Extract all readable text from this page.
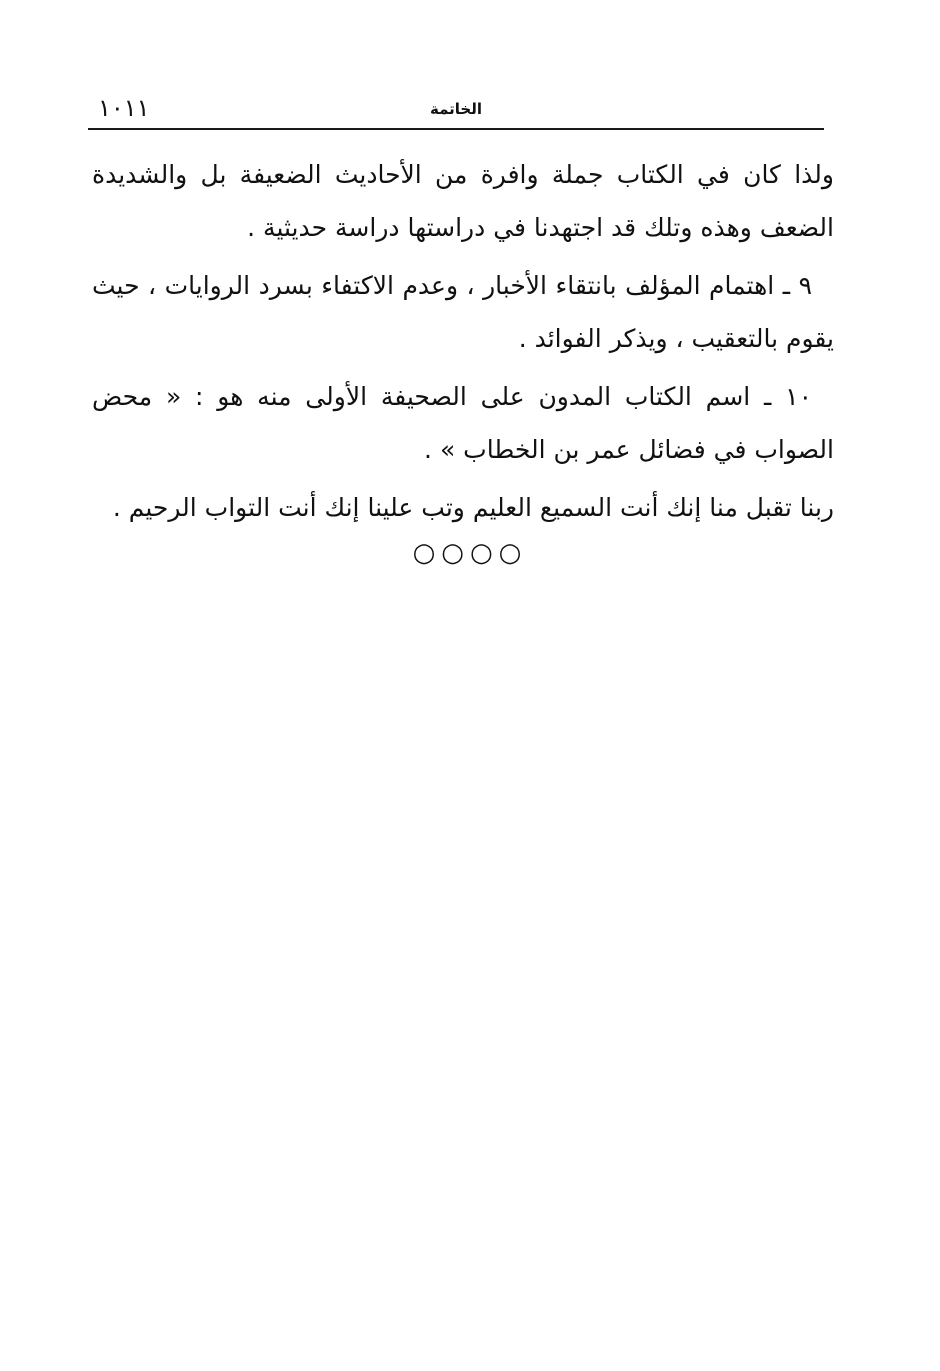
١٠١١	الخاتمة

ولذا كان في الكتاب جملة وافرة من الأحاديث الضعيفة بل والشديدة الضعف وهذه وتلك قد اجتهدنا في دراستها دراسة حديثية .

٩ ـ اهتمام المؤلف بانتقاء الأخبار ، وعدم الاكتفاء بسرد الروايات ، حيث يقوم بالتعقيب ، ويذكر الفوائد .

١٠ ـ اسم الكتاب المدون على الصحيفة الأولى منه هو : « محض الصواب في فضائل عمر بن الخطاب » .

ربنا تقبل منا إنك أنت السميع العليم وتب علينا إنك أنت التواب الرحيم .

○○○○
